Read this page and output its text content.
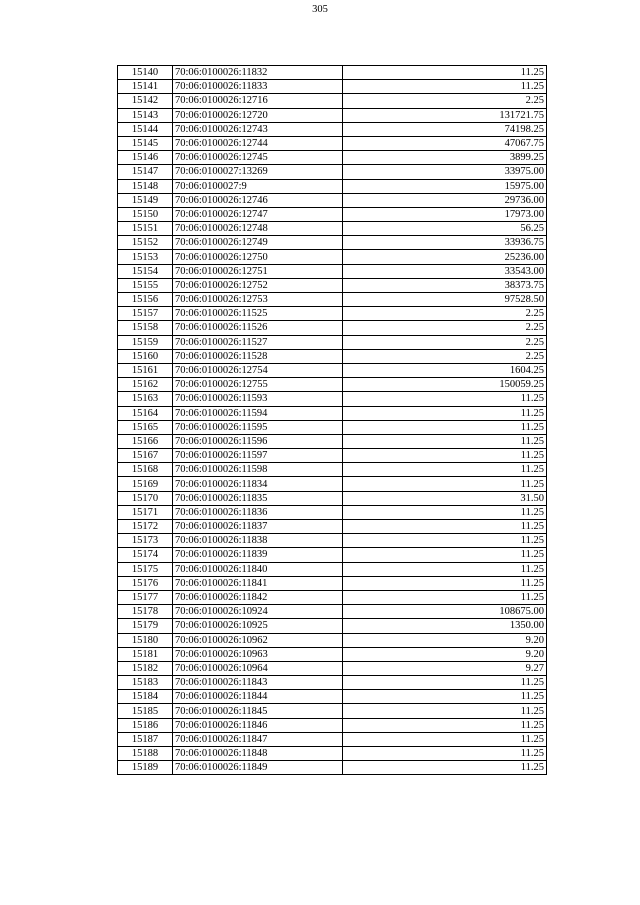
305
15140	70:06:0100026:11832	11.25
15141	70:06:0100026:11833	11.25
15142	70:06:0100026:12716	2.25
15143	70:06:0100026:12720	131721.75
15144	70:06:0100026:12743	74198.25
15145	70:06:0100026:12744	47067.75
15146	70:06:0100026:12745	3899.25
15147	70:06:0100027:13269	33975.00
15148	70:06:0100027:9	15975.00
15149	70:06:0100026:12746	29736.00
15150	70:06:0100026:12747	17973.00
15151	70:06:0100026:12748	56.25
15152	70:06:0100026:12749	33936.75
15153	70:06:0100026:12750	25236.00
15154	70:06:0100026:12751	33543.00
15155	70:06:0100026:12752	38373.75
15156	70:06:0100026:12753	97528.50
15157	70:06:0100026:11525	2.25
15158	70:06:0100026:11526	2.25
15159	70:06:0100026:11527	2.25
15160	70:06:0100026:11528	2.25
15161	70:06:0100026:12754	1604.25
15162	70:06:0100026:12755	150059.25
15163	70:06:0100026:11593	11.25
15164	70:06:0100026:11594	11.25
15165	70:06:0100026:11595	11.25
15166	70:06:0100026:11596	11.25
15167	70:06:0100026:11597	11.25
15168	70:06:0100026:11598	11.25
15169	70:06:0100026:11834	11.25
15170	70:06:0100026:11835	31.50
15171	70:06:0100026:11836	11.25
15172	70:06:0100026:11837	11.25
15173	70:06:0100026:11838	11.25
15174	70:06:0100026:11839	11.25
15175	70:06:0100026:11840	11.25
15176	70:06:0100026:11841	11.25
15177	70:06:0100026:11842	11.25
15178	70:06:0100026:10924	108675.00
15179	70:06:0100026:10925	1350.00
15180	70:06:0100026:10962	9.20
15181	70:06:0100026:10963	9.20
15182	70:06:0100026:10964	9.27
15183	70:06:0100026:11843	11.25
15184	70:06:0100026:11844	11.25
15185	70:06:0100026:11845	11.25
15186	70:06:0100026:11846	11.25
15187	70:06:0100026:11847	11.25
15188	70:06:0100026:11848	11.25
15189	70:06:0100026:11849	11.25
